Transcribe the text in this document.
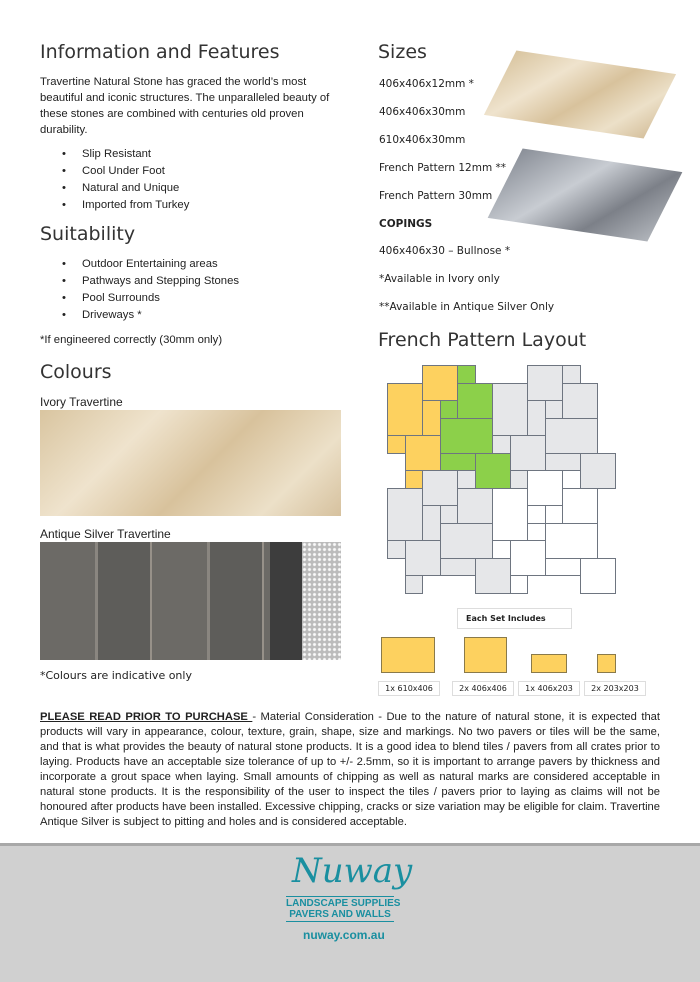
Information and Features

Travertine Natural Stone has graced the world’s most beautiful and iconic structures. The unparalleled beauty of these stones are combined with centuries old proven durability.

• Slip Resistant
• Cool Under Foot
• Natural and Unique
• Imported from Turkey
Suitability
• Outdoor Entertaining areas
• Pathways and Stepping Stones
• Pool Surrounds
• Driveways *

*If engineered correctly (30mm only)

Colours

Ivory Travertine

Antique Silver Travertine

*Colours are indicative only

Sizes
406x406x12mm *
406x406x30mm
610x406x30mm
French Pattern 12mm **
French Pattern 30mm
COPINGS
406x406x30 – Bullnose *
*Available in Ivory only
**Available in Antique Silver Only
French Pattern Layout
Each Set Includes
1x 610x406	2x 406x406	1x 406x203	2x 203x203

PLEASE READ PRIOR TO PURCHASE - Material Consideration - Due to the nature of natural stone, it is expected that products will vary in appearance, colour, texture, grain, shape, size and markings. No two pavers or tiles will be the same, and that is what provides the beauty of natural stone products. It is a good idea to blend tiles / pavers from all crates prior to laying. Products have an acceptable size tolerance of up to +/- 2.5mm, so it is important to arrange pavers by thickness and incorporate a grout space when laying. Small amounts of chipping as well as natural marks are considered acceptable in natural stone products. It is the responsibility of the user to inspect the tiles / pavers prior to laying as claims will not be honoured after products have been installed. Excessive chipping, cracks or size variation may be eligible for claim. Travertine Antique Silver is subject to pitting and holes and is considered acceptable.

Nuway
LANDSCAPE SUPPLIES
PAVERS AND WALLS
nuway.com.au
